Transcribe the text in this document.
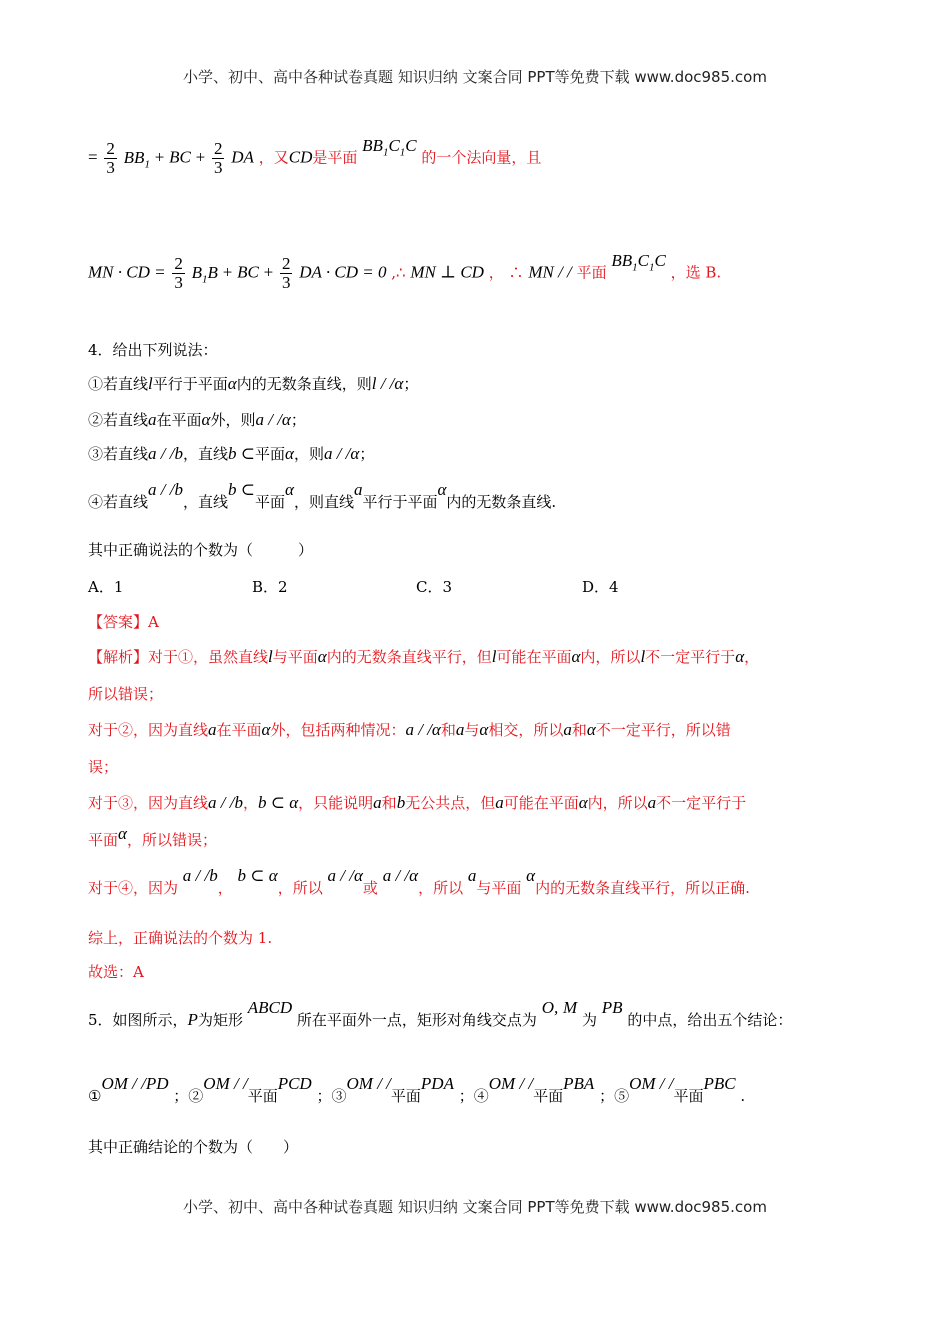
小学、初中、高中各种试卷真题 知识归纳 文案合同 PPT等免费下载 www.doc985.com
= $\frac{2}{3} BB_1$ + BC + $\frac{2}{3}$ DA ，又CD是平面 $BB_1C_1C$ 的一个法向量，且
MN · CD = $\frac{2}{3} B_1B$ + BC + $\frac{2}{3}$ DA · CD = 0 ,∴ MN ⊥ CD ， ∴ MN / / 平面 $BB_1C_1C$ ，选 B.
4．给出下列说法：
①若直线l平行于平面α内的无数条直线，则l / /α；
②若直线a在平面α外，则a / /α；
③若直线a / /b，直线b ⊂平面α，则a / /α；
④若直线a / /b，直线b ⊂平面α，则直线a平行于平面α内的无数条直线.
其中正确说法的个数为（　　　）
A．1	B．2	C．3	D．4
【答案】A
【解析】对于①，虽然直线l与平面α内的无数条直线平行，但l可能在平面α内，所以l不一定平行于α，
所以错误；
对于②，因为直线a在平面α外，包括两种情况：a / /α和a与α相交，所以a和α不一定平行，所以错
误；
对于③，因为直线a / /b，b ⊂ α，只能说明a和b无公共点，但a可能在平面α内，所以a不一定平行于
平面α，所以错误；
对于④，因为 a / /b， b ⊂ α，所以 a / /α或 a / /α，所以 a与平面 α内的无数条直线平行，所以正确.
综上，正确说法的个数为 1.
故选：A
5．如图所示，P为矩形 ABCD 所在平面外一点，矩形对角线交点为 O, M 为 PB 的中点，给出五个结论：
①OM / /PD ；②OM / /平面PCD ；③OM / /平面PDA ；④OM / /平面PBA ；⑤OM / /平面PBC .
其中正确结论的个数为（　　）
小学、初中、高中各种试卷真题 知识归纳 文案合同 PPT等免费下载 www.doc985.com
